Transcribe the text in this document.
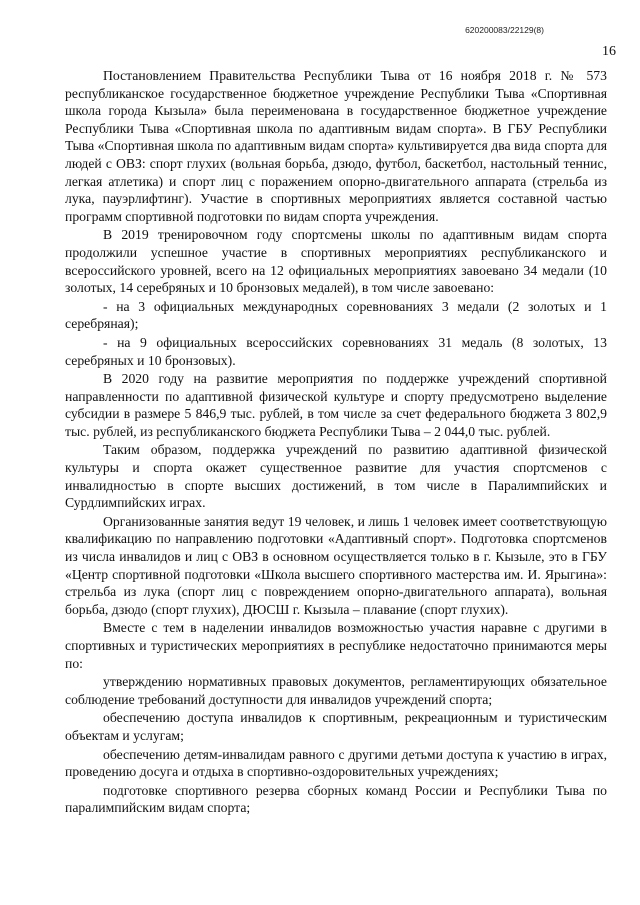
620200083/22129(8)
16

Постановлением Правительства Республики Тыва от 16 ноября 2018 г. № 573 республиканское государственное бюджетное учреждение Республики Тыва «Спортивная школа города Кызыла» была переименована в государственное бюджетное учреждение Республики Тыва «Спортивная школа по адаптивным видам спорта». В ГБУ Республики Тыва «Спортивная школа по адаптивным видам спорта» культивируется два вида спорта для людей с ОВЗ: спорт глухих (вольная борьба, дзюдо, футбол, баскетбол, настольный теннис, легкая атлетика) и спорт лиц с поражением опорно-двигательного аппарата (стрельба из лука, пауэрлифтинг). Участие в спортивных мероприятиях является составной частью программ спортивной подготовки по видам спорта учреждения.

В 2019 тренировочном году спортсмены школы по адаптивным видам спорта продолжили успешное участие в спортивных мероприятиях республиканского и всероссийского уровней, всего на 12 официальных мероприятиях завоевано 34 медали (10 золотых, 14 серебряных и 10 бронзовых медалей), в том числе завоевано:

- на 3 официальных международных соревнованиях 3 медали (2 золотых и 1 серебряная);

- на 9 официальных всероссийских соревнованиях 31 медаль (8 золотых, 13 серебряных и 10 бронзовых).

В 2020 году на развитие мероприятия по поддержке учреждений спортивной направленности по адаптивной физической культуре и спорту предусмотрено выделение субсидии в размере 5 846,9 тыс. рублей, в том числе за счет федерального бюджета 3 802,9 тыс. рублей, из республиканского бюджета Республики Тыва – 2 044,0 тыс. рублей.

Таким образом, поддержка учреждений по развитию адаптивной физической культуры и спорта окажет существенное развитие для участия спортсменов с инвалидностью в спорте высших достижений, в том числе в Паралимпийских и Сурдлимпийских играх.

Организованные занятия ведут 19 человек, и лишь 1 человек имеет соответствующую квалификацию по направлению подготовки «Адаптивный спорт». Подготовка спортсменов из числа инвалидов и лиц с ОВЗ в основном осуществляется только в г. Кызыле, это в ГБУ «Центр спортивной подготовки «Школа высшего спортивного мастерства им. И. Ярыгина»: стрельба из лука (спорт лиц с повреждением опорно-двигательного аппарата), вольная борьба, дзюдо (спорт глухих), ДЮСШ г. Кызыла – плавание (спорт глухих).

Вместе с тем в наделении инвалидов возможностью участия наравне с другими в спортивных и туристических мероприятиях в республике недостаточно принимаются меры по:

утверждению нормативных правовых документов, регламентирующих обязательное соблюдение требований доступности для инвалидов учреждений спорта;

обеспечению доступа инвалидов к спортивным, рекреационным и туристическим объектам и услугам;

обеспечению детям-инвалидам равного с другими детьми доступа к участию в играх, проведению досуга и отдыха в спортивно-оздоровительных учреждениях;

подготовке спортивного резерва сборных команд России и Республики Тыва по паралимпийским видам спорта;
